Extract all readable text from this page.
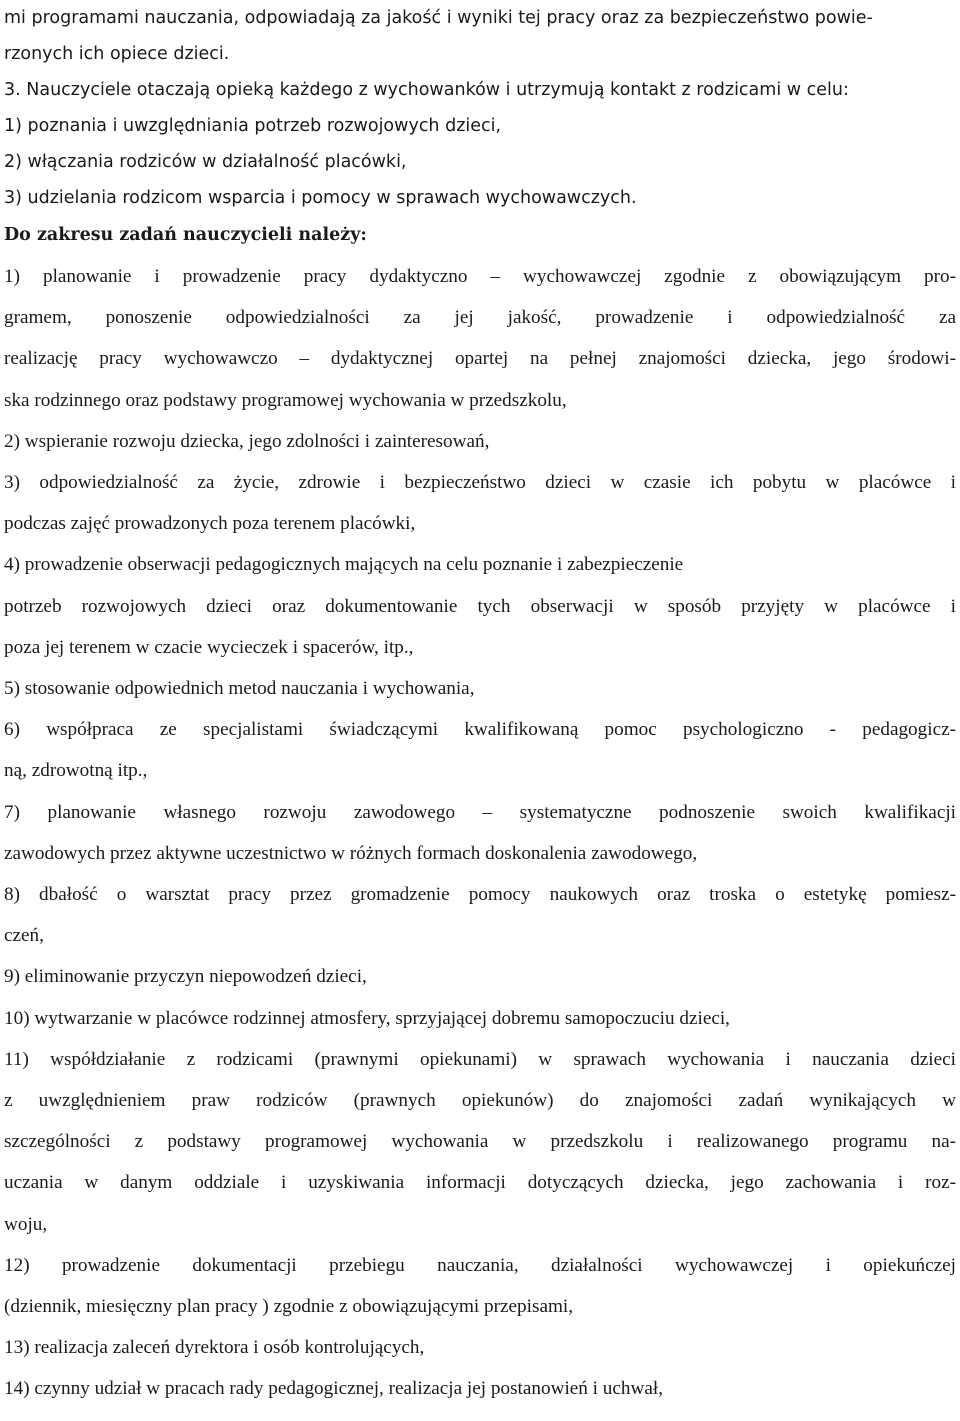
mi programami nauczania, odpowiadają za jakość i wyniki tej pracy oraz za bezpieczeństwo powie-
rzonych ich opiece dzieci.
3. Nauczyciele otaczają opieką każdego z wychowanków i utrzymują kontakt z rodzicami w celu:
1) poznania i uwzględniania potrzeb rozwojowych dzieci,
2) włączania rodziców w działalność placówki,
3) udzielania rodzicom wsparcia i pomocy w sprawach wychowawczych.
Do zakresu zadań nauczycieli należy:
1) planowanie i prowadzenie pracy dydaktyczno – wychowawczej zgodnie z obowiązującym pro-
gramem, ponoszenie odpowiedzialności za jej jakość, prowadzenie i odpowiedzialność za
realizację pracy wychowawczo – dydaktycznej opartej na pełnej znajomości dziecka, jego środowi-
ska rodzinnego oraz podstawy programowej wychowania w przedszkolu,
2) wspieranie rozwoju dziecka, jego zdolności i zainteresowań,
3) odpowiedzialność za życie, zdrowie i bezpieczeństwo dzieci w czasie ich pobytu w placówce i
podczas zajęć prowadzonych poza terenem placówki,
4) prowadzenie obserwacji pedagogicznych mających na celu poznanie i zabezpieczenie
potrzeb rozwojowych dzieci oraz dokumentowanie tych obserwacji w sposób przyjęty w placówce i
poza jej terenem w czacie wycieczek i spacerów, itp.,
5) stosowanie odpowiednich metod nauczania i wychowania,
6) współpraca ze specjalistami świadczącymi kwalifikowaną pomoc psychologiczno - pedagogicz-
ną, zdrowotną itp.,
7) planowanie własnego rozwoju zawodowego – systematyczne podnoszenie swoich kwalifikacji
zawodowych przez aktywne uczestnictwo w różnych formach doskonalenia zawodowego,
8) dbałość o warsztat pracy przez gromadzenie pomocy naukowych oraz troska o estetykę pomiesz-
czeń,
9) eliminowanie przyczyn niepowodzeń dzieci,
10) wytwarzanie w placówce rodzinnej atmosfery, sprzyjającej dobremu samopoczuciu dzieci,
11) współdziałanie z rodzicami (prawnymi opiekunami) w sprawach wychowania i nauczania dzieci
z uwzględnieniem praw rodziców (prawnych opiekunów) do znajomości zadań wynikających w
szczególności z podstawy programowej wychowania w przedszkolu i realizowanego programu na-
uczania w danym oddziale i uzyskiwania informacji dotyczących dziecka, jego zachowania i roz-
woju,
12) prowadzenie dokumentacji przebiegu nauczania, działalności wychowawczej i opiekuńczej
(dziennik, miesięczny plan pracy ) zgodnie z obowiązującymi przepisami,
13) realizacja zaleceń dyrektora i osób kontrolujących,
14) czynny udział w pracach rady pedagogicznej, realizacja jej postanowień i uchwał,
